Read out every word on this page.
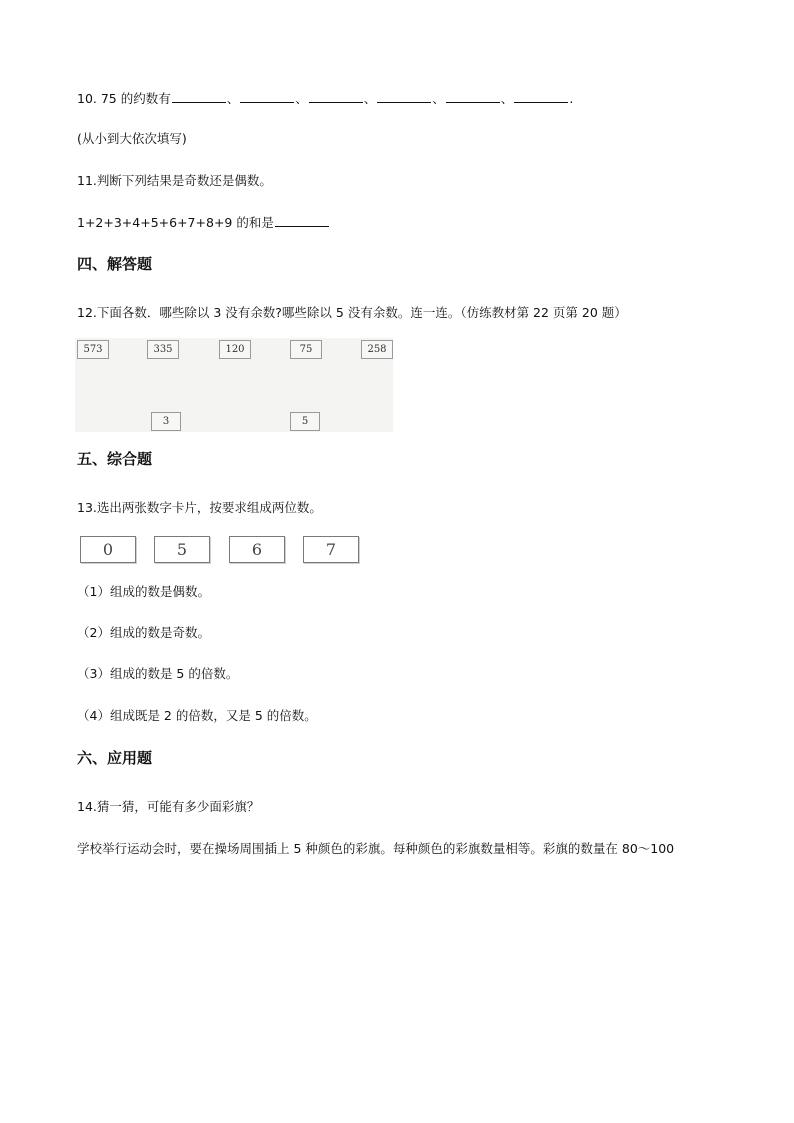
10. 75 的约数有	、	、	、	、	、	.
(从小到大依次填写)
11.判断下列结果是奇数还是偶数。
1+2+3+4+5+6+7+8+9 的和是
四、解答题
12.下面各数．哪些除以 3 没有余数?哪些除以 5 没有余数。连一连。（仿练教材第 22 页第 20 题）
573	335	120	75	258
3	5
五、综合题
13.选出两张数字卡片，按要求组成两位数。
0	5	6	7
（1）组成的数是偶数。
（2）组成的数是奇数。
（3）组成的数是 5 的倍数。
（4）组成既是 2 的倍数，又是 5 的倍数。
六、应用题
14.猜一猜，可能有多少面彩旗？
学校举行运动会时，要在操场周围插上 5 种颜色的彩旗。每种颜色的彩旗数量相等。彩旗的数量在 80～100
